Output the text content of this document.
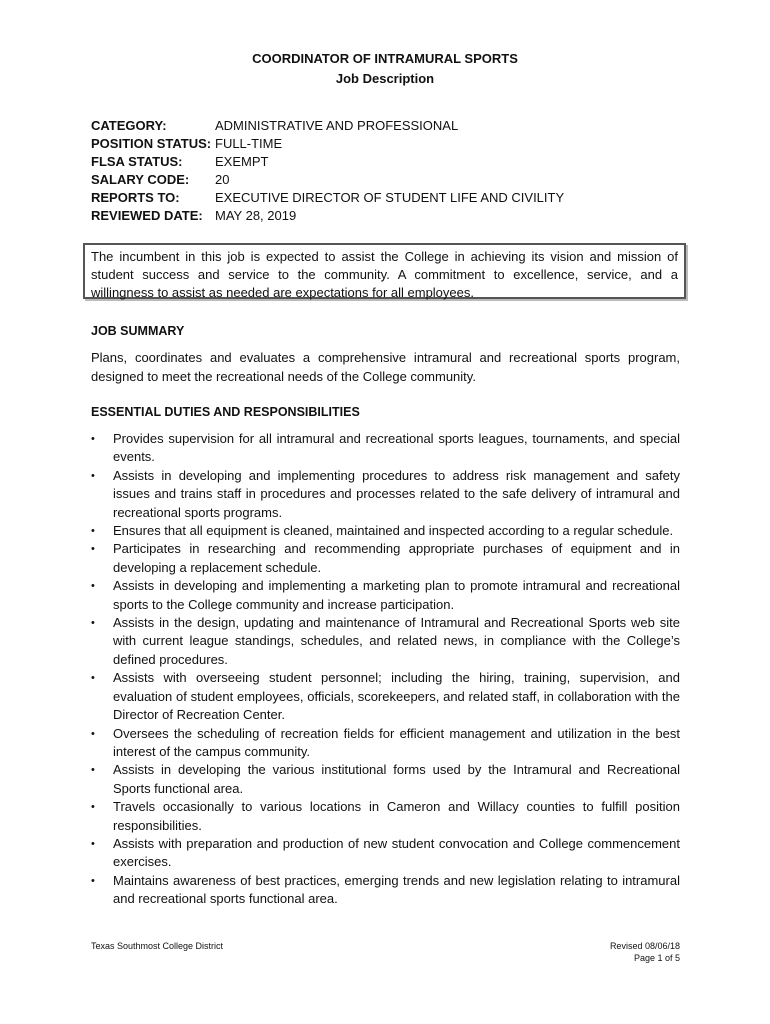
COORDINATOR OF INTRAMURAL SPORTS
Job Description
CATEGORY:	ADMINISTRATIVE AND PROFESSIONAL
POSITION STATUS: FULL-TIME
FLSA STATUS:	EXEMPT
SALARY CODE:	20
REPORTS TO:	EXECUTIVE DIRECTOR OF STUDENT LIFE AND CIVILITY
REVIEWED DATE: MAY 28, 2019
The incumbent in this job is expected to assist the College in achieving its vision and mission of student success and service to the community. A commitment to excellence, service, and a willingness to assist as needed are expectations for all employees.
JOB SUMMARY
Plans, coordinates and evaluates a comprehensive intramural and recreational sports program, designed to meet the recreational needs of the College community.
ESSENTIAL DUTIES AND RESPONSIBILITIES
•	Provides supervision for all intramural and recreational sports leagues, tournaments, and special events.
•	Assists in developing and implementing procedures to address risk management and safety issues and trains staff in procedures and processes related to the safe delivery of intramural and recreational sports programs.
•	Ensures that all equipment is cleaned, maintained and inspected according to a regular schedule.
•	Participates in researching and recommending appropriate purchases of equipment and in developing a replacement schedule.
•	Assists in developing and implementing a marketing plan to promote intramural and recreational sports to the College community and increase participation.
•	Assists in the design, updating and maintenance of Intramural and Recreational Sports web site with current league standings, schedules, and related news, in compliance with the College’s defined procedures.
•	Assists with overseeing student personnel; including the hiring, training, supervision, and evaluation of student employees, officials, scorekeepers, and related staff, in collaboration with the Director of Recreation Center.
•	Oversees the scheduling of recreation fields for efficient management and utilization in the best interest of the campus community.
•	Assists in developing the various institutional forms used by the Intramural and Recreational Sports functional area.
•	Travels occasionally to various locations in Cameron and Willacy counties to fulfill position responsibilities.
•	Assists with preparation and production of new student convocation and College commencement exercises.
•	Maintains awareness of best practices, emerging trends and new legislation relating to intramural and recreational sports functional area.
Texas Southmost College District	Revised 08/06/18
Page 1 of 5
